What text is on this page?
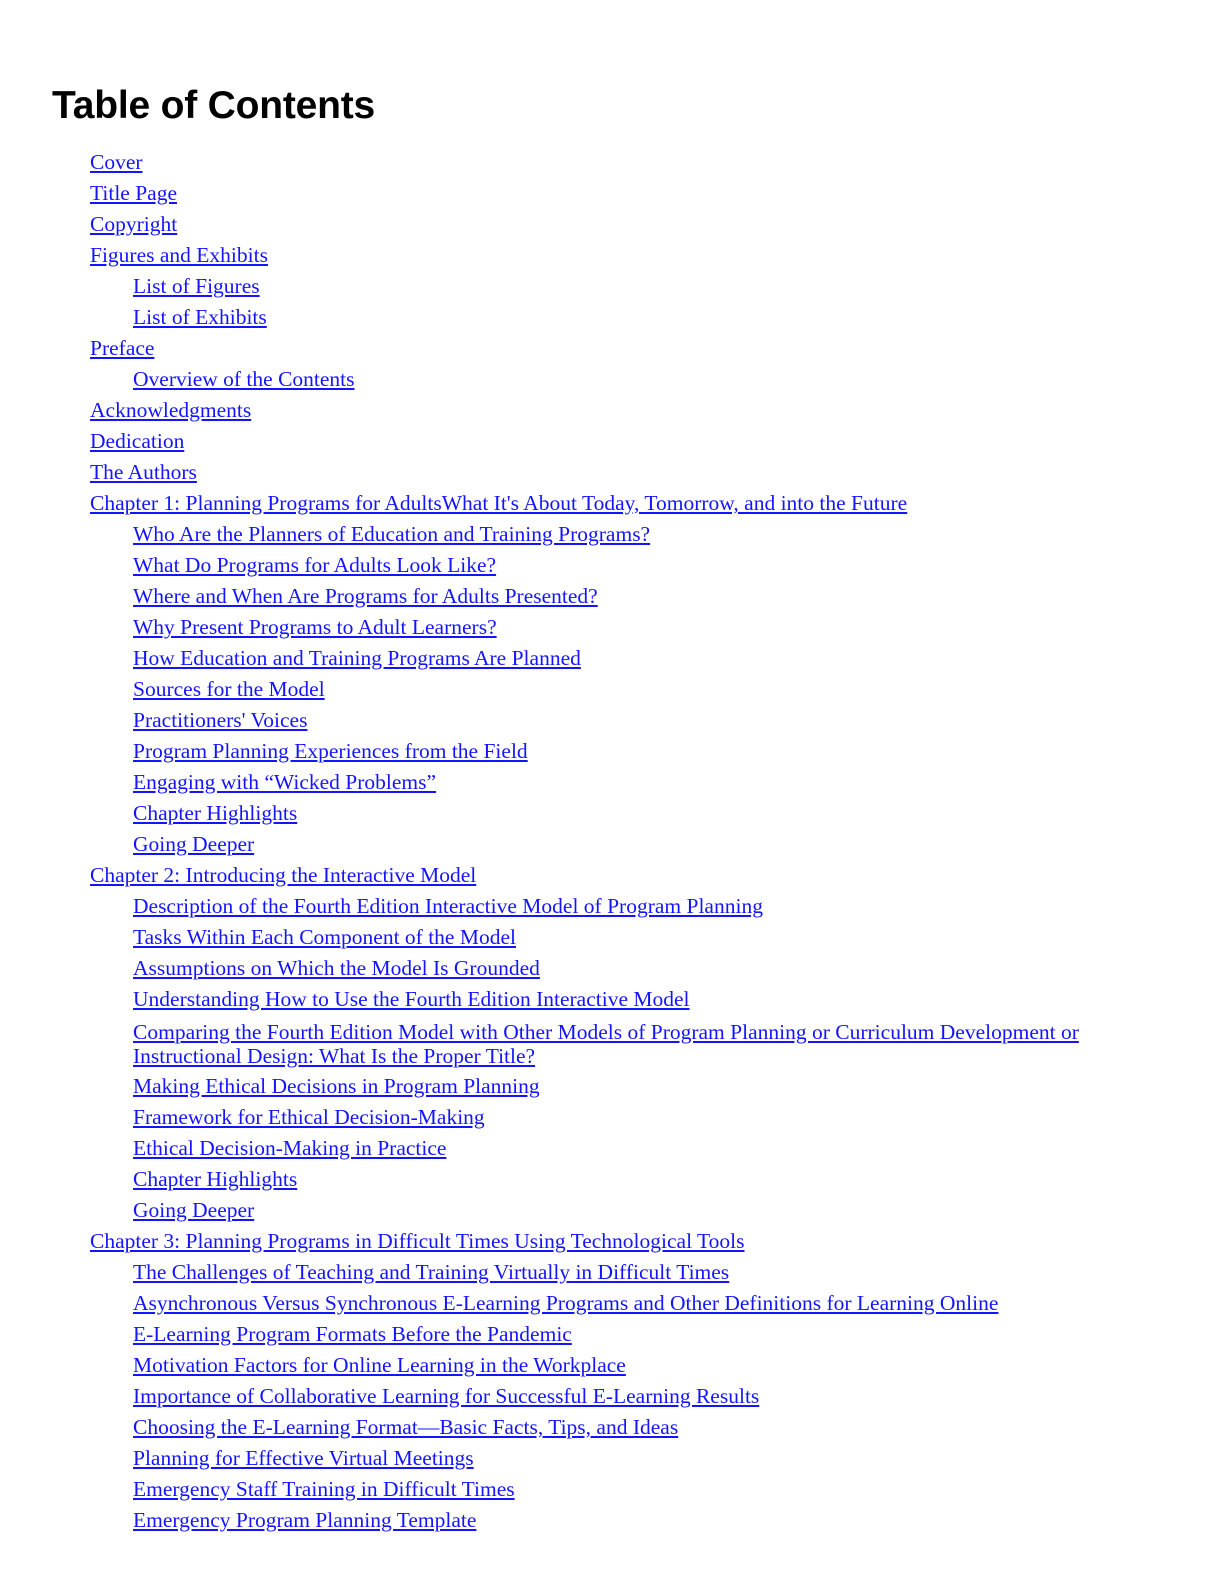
Table of Contents
Cover
Title Page
Copyright
Figures and Exhibits
List of Figures
List of Exhibits
Preface
Overview of the Contents
Acknowledgments
Dedication
The Authors
Chapter 1: Planning Programs for AdultsWhat It's About Today, Tomorrow, and into the Future
Who Are the Planners of Education and Training Programs?
What Do Programs for Adults Look Like?
Where and When Are Programs for Adults Presented?
Why Present Programs to Adult Learners?
How Education and Training Programs Are Planned
Sources for the Model
Practitioners' Voices
Program Planning Experiences from the Field
Engaging with “Wicked Problems”
Chapter Highlights
Going Deeper
Chapter 2: Introducing the Interactive Model
Description of the Fourth Edition Interactive Model of Program Planning
Tasks Within Each Component of the Model
Assumptions on Which the Model Is Grounded
Understanding How to Use the Fourth Edition Interactive Model
Comparing the Fourth Edition Model with Other Models of Program Planning or Curriculum Development or Instructional Design: What Is the Proper Title?
Making Ethical Decisions in Program Planning
Framework for Ethical Decision-Making
Ethical Decision-Making in Practice
Chapter Highlights
Going Deeper
Chapter 3: Planning Programs in Difficult Times Using Technological Tools
The Challenges of Teaching and Training Virtually in Difficult Times
Asynchronous Versus Synchronous E-Learning Programs and Other Definitions for Learning Online
E-Learning Program Formats Before the Pandemic
Motivation Factors for Online Learning in the Workplace
Importance of Collaborative Learning for Successful E-Learning Results
Choosing the E-Learning Format—Basic Facts, Tips, and Ideas
Planning for Effective Virtual Meetings
Emergency Staff Training in Difficult Times
Emergency Program Planning Template
